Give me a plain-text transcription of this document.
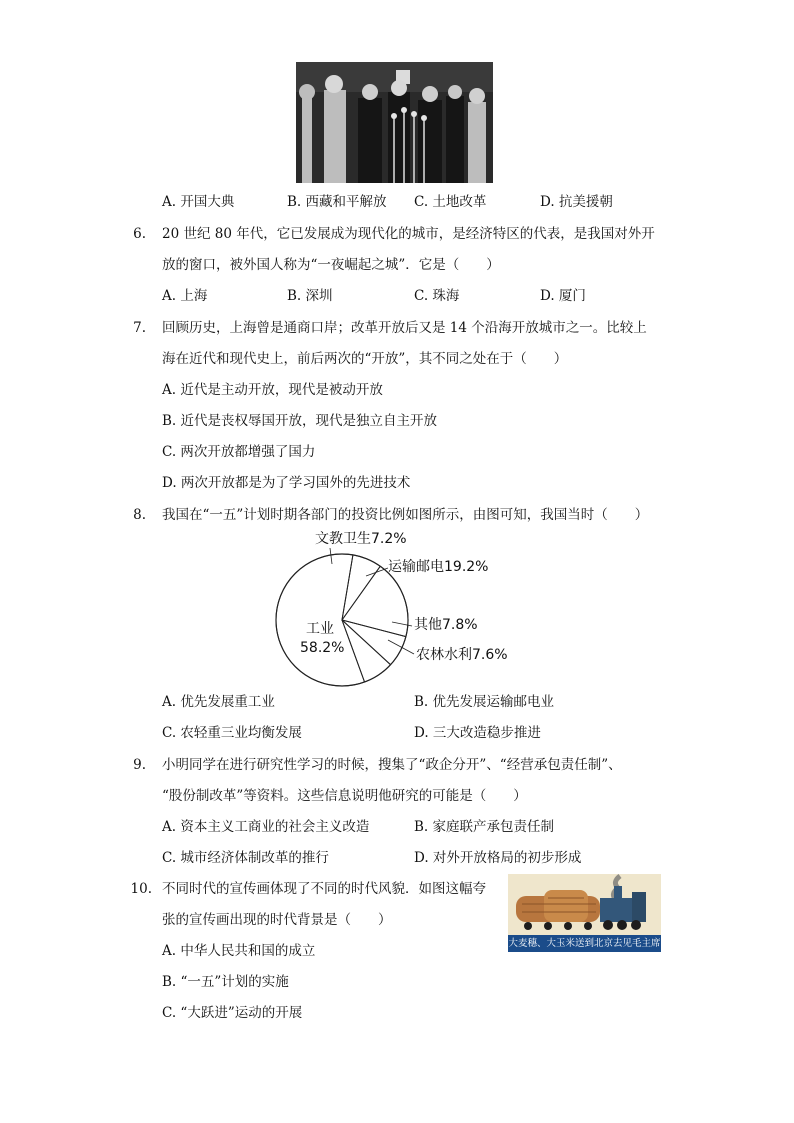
A. 开国大典	B. 西藏和平解放 C. 土地改革	D. 抗美援朝
6. 20 世纪 80 年代，它已发展成为现代化的城市，是经济特区的代表，是我国对外开
放的窗口，被外国人称为“一夜崛起之城”．它是（　　）
A. 上海	B. 深圳	C. 珠海	D. 厦门
7. 回顾历史，上海曾是通商口岸；改革开放后又是 14 个沿海开放城市之一。比较上
海在近代和现代史上，前后两次的“开放”，其不同之处在于（　　）
A. 近代是主动开放，现代是被动开放
B. 近代是丧权辱国开放，现代是独立自主开放
C. 两次开放都增强了国力
D. 两次开放都是为了学习国外的先进技术
8. 我国在“一五”计划时期各部门的投资比例如图所示，由图可知，我国当时（　　）
文教卫生7.2%
运输邮电19.2%
其他7.8%
农林水利7.6%
工业
58.2%
A. 优先发展重工业	B. 优先发展运输邮电业
C. 农轻重三业均衡发展	D. 三大改造稳步推进
9. 小明同学在进行研究性学习的时候，搜集了“政企分开”、“经营承包责任制”、
“股份制改革”等资料。这些信息说明他研究的可能是（　　）
A. 资本主义工商业的社会主义改造	B. 家庭联产承包责任制
C. 城市经济体制改革的推行	D. 对外开放格局的初步形成
10. 不同时代的宣传画体现了不同的时代风貌．如图这幅夸
张的宣传画出现的时代背景是（　　）
大麦穗、大玉米送到北京去见毛主席
A. 中华人民共和国的成立
B. “一五”计划的实施
C. “大跃进”运动的开展
